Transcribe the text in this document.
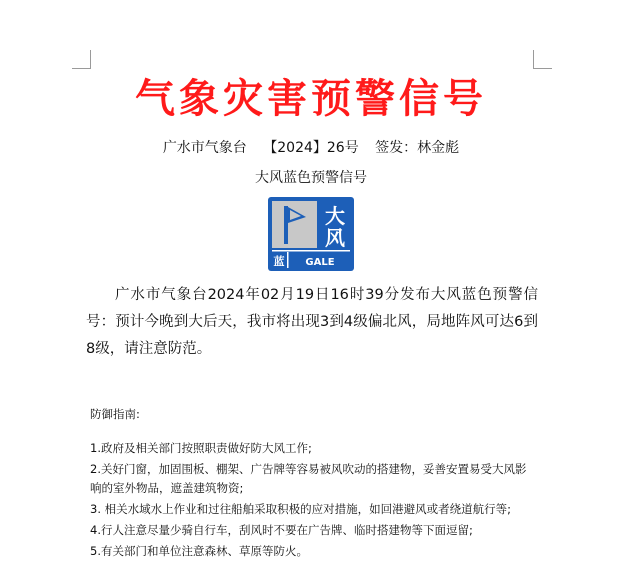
气象灾害预警信号
广水市气象台 【2024】26号 签发：林金彪
大风蓝色预警信号
大
风
蓝 GALE
广水市气象台2024年02月19日16时39分发布大风蓝色预警信号：预计今晚到大后天，我市将出现3到4级偏北风，局地阵风可达6到8级，请注意防范。
防御指南:
1.政府及相关部门按照职责做好防大风工作;
2.关好门窗，加固围板、棚架、广告牌等容易被风吹动的搭建物，妥善安置易受大风影响的室外物品，遮盖建筑物资;
3. 相关水域水上作业和过往船舶采取积极的应对措施，如回港避风或者绕道航行等;
4.行人注意尽量少骑自行车，刮风时不要在广告牌、临时搭建物等下面逗留;
5.有关部门和单位注意森林、草原等防火。
